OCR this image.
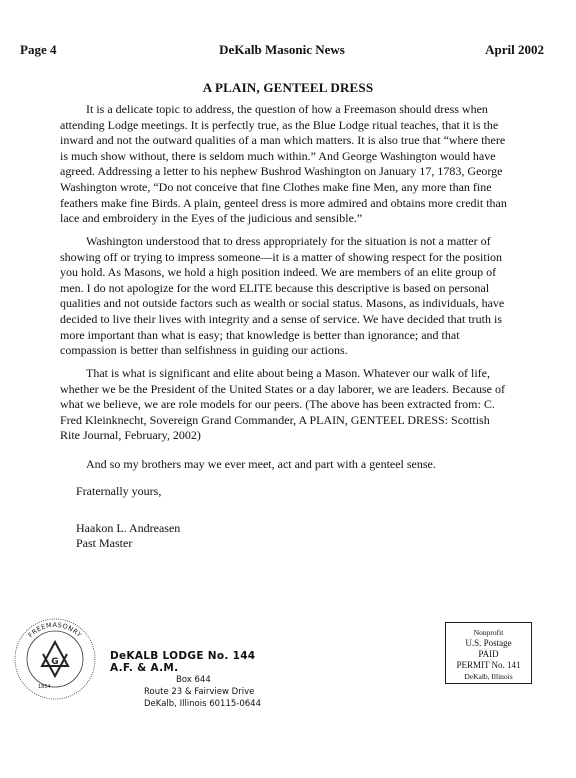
Page 4	DeKalb Masonic News	April 2002
A PLAIN, GENTEEL DRESS

It is a delicate topic to address, the question of how a Freemason should dress when attending Lodge meetings. It is perfectly true, as the Blue Lodge ritual teaches, that it is the inward and not the outward qualities of a man which matters. It is also true that “where there is much show without, there is seldom much within.” And George Washington would have agreed. Addressing a letter to his nephew Bushrod Washington on January 17, 1783, George Washington wrote, “Do not conceive that fine Clothes make fine Men, any more than fine feathers make fine Birds. A plain, genteel dress is more admired and obtains more credit than lace and embroidery in the Eyes of the judicious and sensible.”

Washington understood that to dress appropriately for the situation is not a matter of showing off or trying to impress someone—it is a matter of showing respect for the position you hold. As Masons, we hold a high position indeed. We are members of an elite group of men. I do not apologize for the word ELITE because this descriptive is based on personal qualities and not outside factors such as wealth or social status. Masons, as individuals, have decided to live their lives with integrity and a sense of service. We have decided that truth is more important than what is easy; that knowledge is better than ignorance; and that compassion is better than selfishness in guiding our actions.

That is what is significant and elite about being a Mason. Whatever our walk of life, whether we be the President of the United States or a day laborer, we are leaders. Because of what we believe, we are role models for our peers. (The above has been extracted from: C. Fred Kleinknecht, Sovereign Grand Commander, A PLAIN, GENTEEL DRESS: Scottish Rite Journal, February, 2002)

And so my brothers may we ever meet, act and part with a genteel sense.

Fraternally yours,
Haakon L. Andreasen
Past Master
FREEMASONRY
G
1854
DeKALB LODGE No. 144 A.F. & A.M.
Box 644
Route 23 & Fairview Drive
DeKalb, Illinois 60115-0644
Nonprofit
U.S. Postage
PAID
PERMIT No. 141
DeKalb, Illinois
